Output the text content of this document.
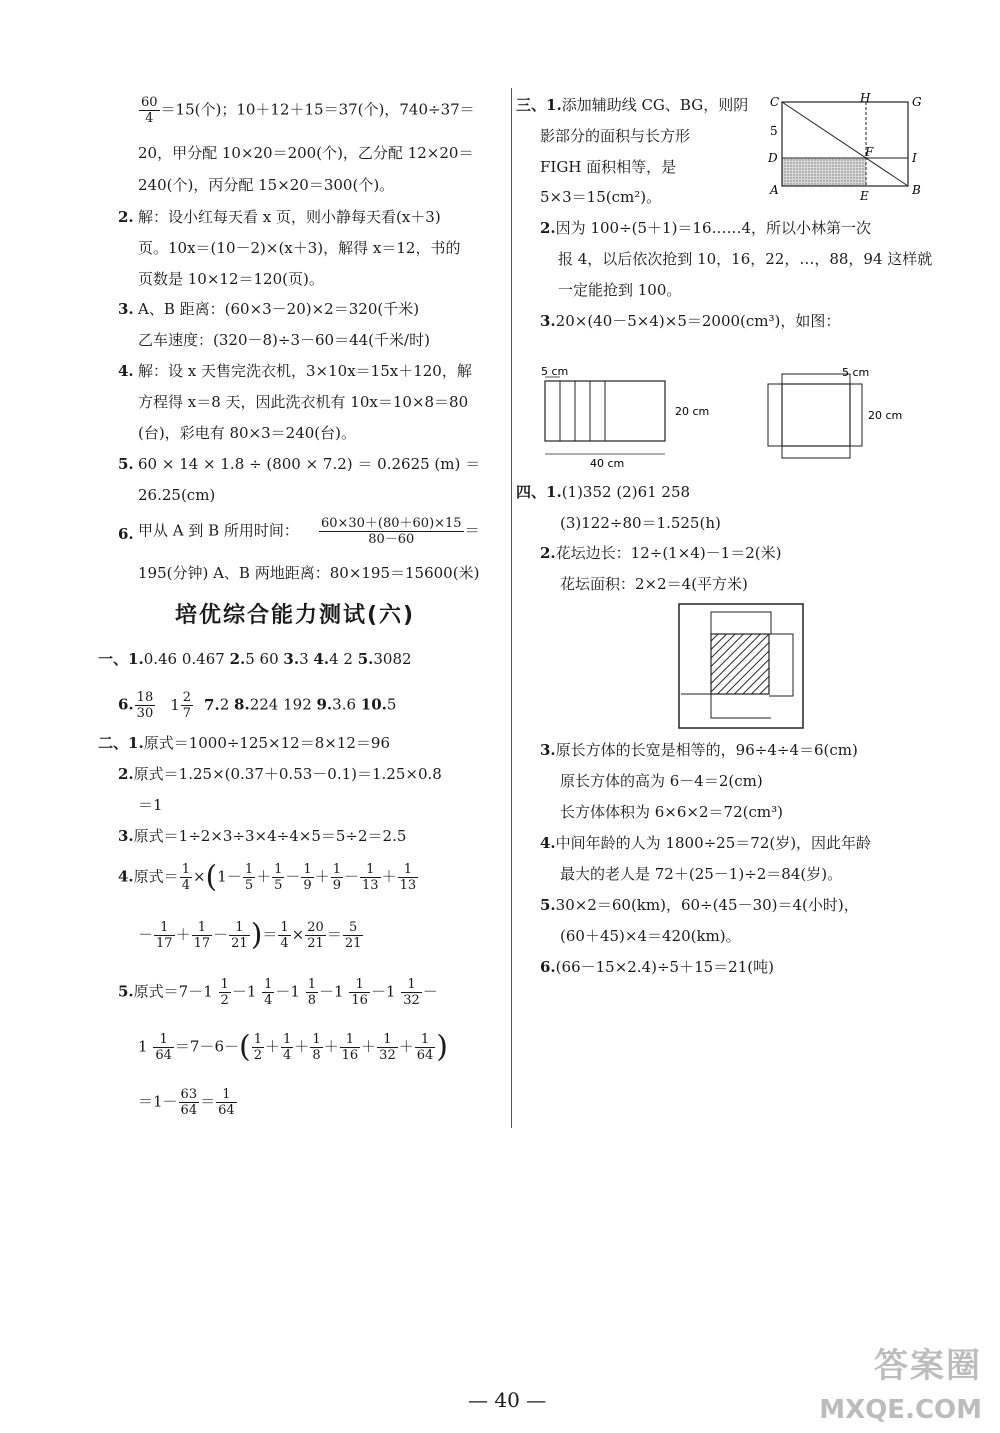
$\frac{60}{4} =15$(个)；10＋12＋15＝37(个)，740÷37＝
20，甲分配 10×20＝200(个)，乙分配 12×20＝
240(个)，丙分配 15×20＝300(个)。
2. 解：设小红每天看 x 页，则小静每天看(x＋3)
页。10x＝(10－2)×(x＋3)，解得 x＝12，书的
页数是 10×12＝120(页)。
3. A、B 距离：(60×3－20)×2＝320(千米)
乙车速度：(320－8)÷3－60＝44(千米/时)
4. 解：设 x 天售完洗衣机，3×10x＝15x＋120，解
方程得 x＝8 天，因此洗衣机有 10x＝10×8＝80
(台)，彩电有 80×3＝240(台)。
5. 60 × 14 × 1.8 ÷ (800 × 7.2) ＝ 0.2625 (m) ＝
26.25(cm)
6. 甲从 A 到 B 所用时间： $\frac{60\times 30+(80+60)\times 15}{80-60}$ ＝
195(分钟) A、B 两地距离：80×195＝15600(米)
培优综合能力测试(六)
一、1.0.46 0.467 2.5 60 3.3 4.4 2 5.3082
6. $\frac{18}{30} 1 \frac{2}{7} 7.2$ 8.224 192 9.3.6 10.5
二、1.原式＝1000÷125×12＝8×12＝96
2.原式＝1.25×(0.37＋0.53－0.1)＝1.25×0.8
＝1
3.原式＝1÷2×3÷3×4÷4×5＝5÷2＝2.5
4.原式＝ $\frac{1}{4} \times(1- \frac{1}{5} + \frac{1}{5} - \frac{1}{9} + \frac{1}{9} - \frac{1}{13} + \frac{1}{13}$
－ $\frac{1}{17} + \frac{1}{17} - \frac{1}{21}$ )＝ $\frac{1}{4} \times \frac{20}{21} = \frac{5}{21}$
5.原式$=7-1 \frac{1}{2} -1 \frac{1}{4} -1 \frac{1}{8} -1 \frac{1}{16} -1 \frac{1}{32}$ －
$1 \frac{1}{64} =7-6-( \frac{1}{2} + \frac{1}{4} + \frac{1}{8} + \frac{1}{16} + \frac{1}{32} + \frac{1}{64}$ )
$=1- \frac{63}{64} = \frac{1}{64}$
三、1.添加辅助线 CG、BG，则阴
影部分的面积与长方形
FIGH 面积相等，是
5×3＝15(cm²)。
C	H	G
5
D	F	I
A	E	B
2.因为 100÷(5＋1)＝16……4，所以小林第一次
报 4，以后依次抢到 10，16，22，…，88，94 这样就
一定能抢到 100。
3.20×(40－5×4)×5＝2000(cm³)，如图：
5 cm
20 cm
40 cm
5 cm
20 cm
四、1.(1)352 (2)61 258
(3)122÷80＝1.525(h)
2.花坛边长：12÷(1×4)－1＝2(米)
花坛面积：2×2＝4(平方米)
3.原长方体的长宽是相等的，96÷4÷4＝6(cm)
原长方体的高为 6－4＝2(cm)
长方体体积为 6×6×2＝72(cm³)
4.中间年龄的人为 1800÷25＝72(岁)，因此年龄
最大的老人是 72＋(25－1)÷2＝84(岁)。
5.30×2＝60(km)，60÷(45－30)＝4(小时)，
(60＋45)×4＝420(km)。
6.(66－15×2.4)÷5＋15＝21(吨)
— 40 —
答案圈
MXQE.COM
